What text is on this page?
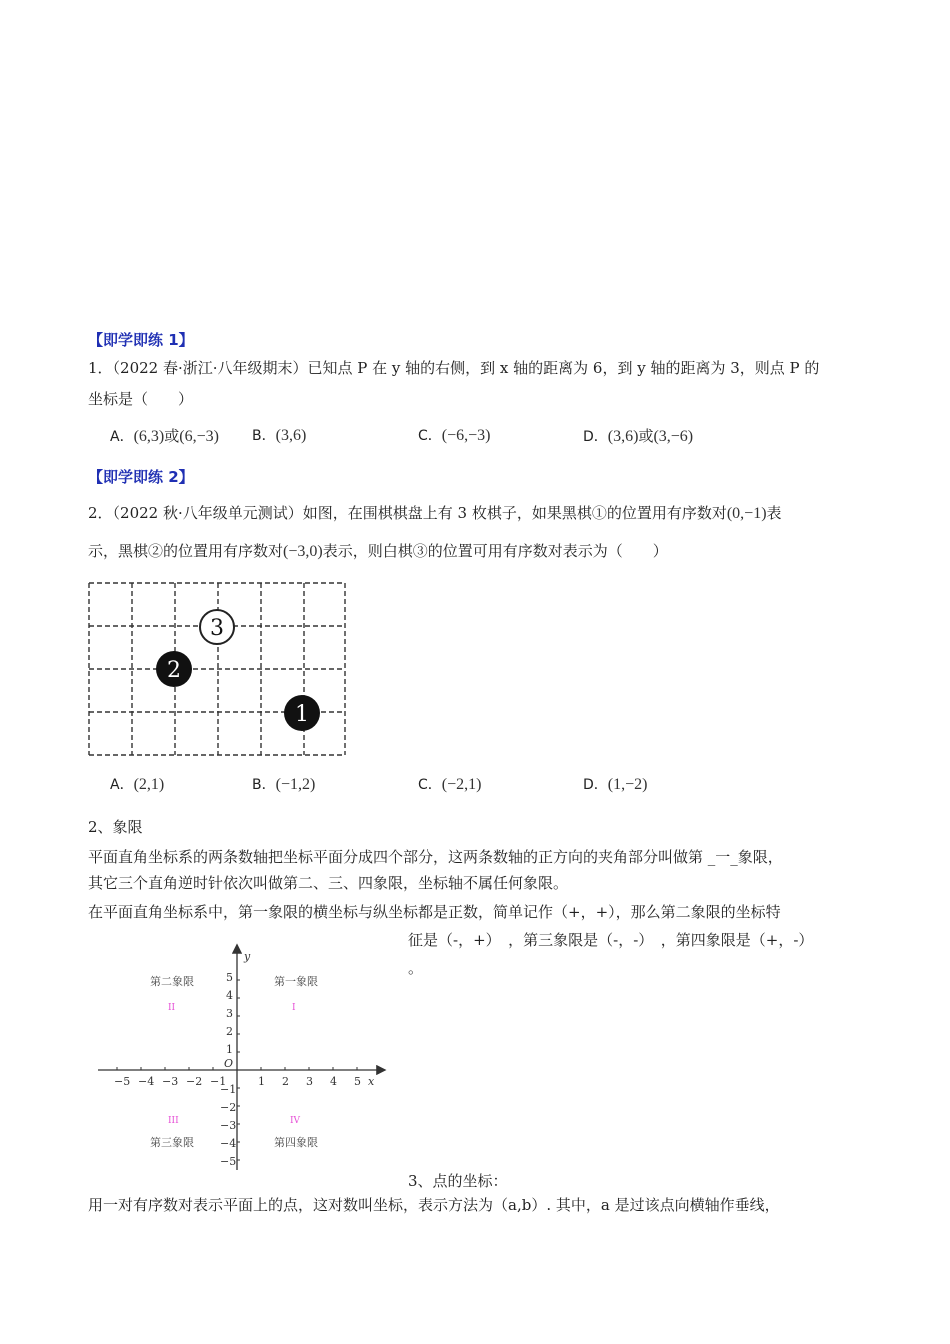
【即学即练 1】
1．（2022 春·浙江·八年级期末）已知点 P 在 y 轴的右侧，到 x 轴的距离为 6，到 y 轴的距离为 3，则点 P 的
坐标是（　　）
A．(6,3)或(6,−3) B．(3,6)	C．(−6,−3)	D．(3,6)或(3,−6)
【即学即练 2】
2．（2022 秋·八年级单元测试）如图，在围棋棋盘上有 3 枚棋子，如果黑棋①的位置用有序数对(0,−1)表
示，黑棋②的位置用有序数对(−3,0)表示，则白棋③的位置可用有序数对表示为（　　）
3
2
1
A．(2,1)	B．(−1,2)	C．(−2,1)	D．(1,−2)
2、象限
平面直角坐标系的两条数轴把坐标平面分成四个部分，这两条数轴的正方向的夹角部分叫做第 _一_象限，
其它三个直角逆时针依次叫做第二、三、四象限，坐标轴不属任何象限。
在平面直角坐标系中，第一象限的横坐标与纵坐标都是正数，简单记作（+，+），那么第二象限的坐标特
征是（-，+）　，第三象限是（-，-）　，第四象限是（+，-）
。
x
y
O
−5 −4 −3 −2 −1	1 2 3 4 5
5
4
3
2
1
−1
−2
−3
−4
−5
第二象限	第一象限
第三象限	第四象限
II	I
III	IV
3、点的坐标：
用一对有序数对表示平面上的点，这对数叫坐标，表示方法为（a,b）. 其中，a 是过该点向横轴作垂线，
